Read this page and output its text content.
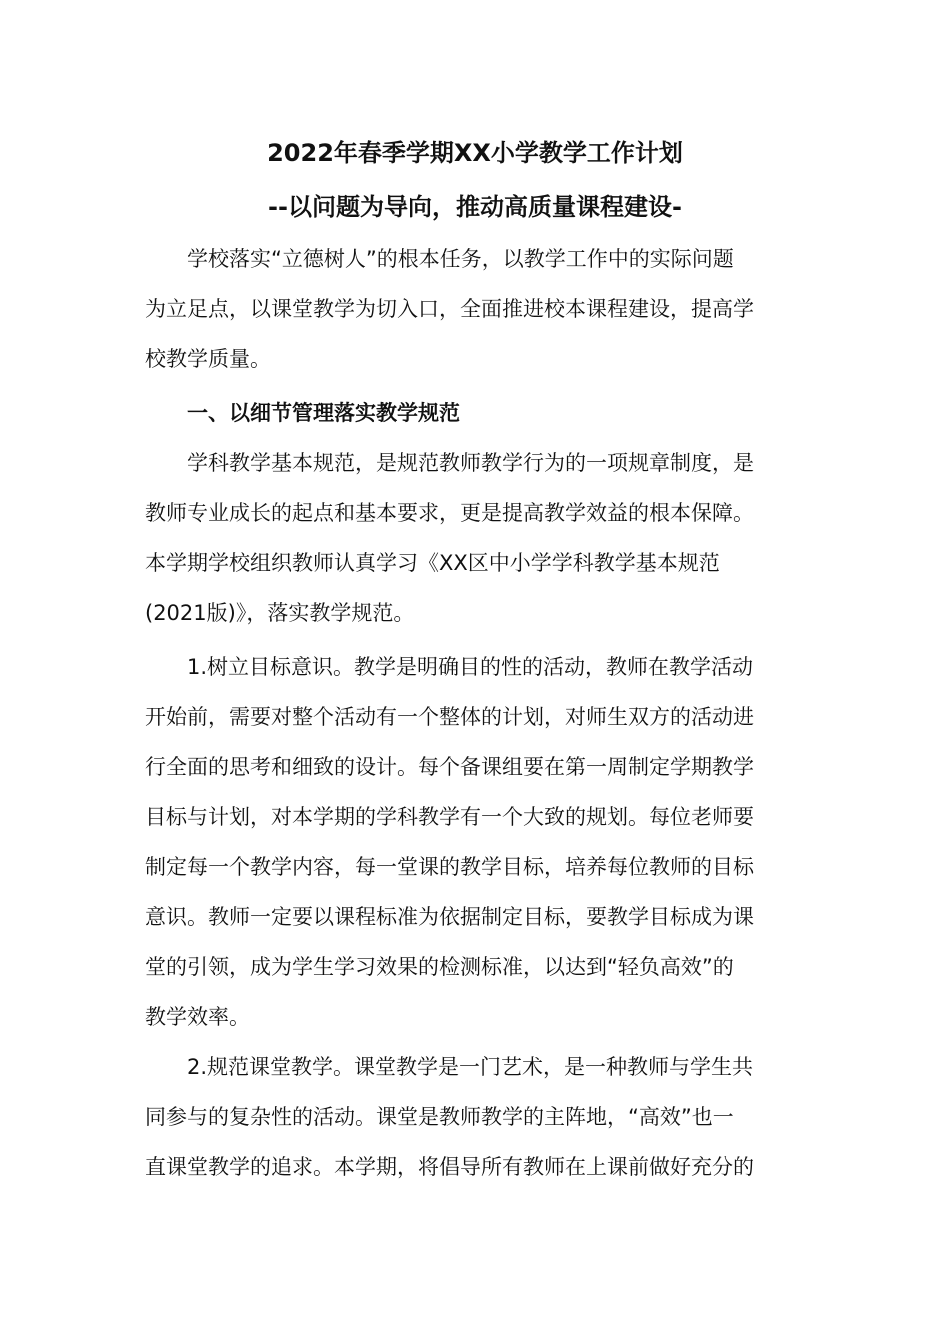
2022年春季学期XX小学教学工作计划
--以问题为导向，推动高质量课程建设-
学校落实“立德树人”的根本任务，以教学工作中的实际问题
为立足点，以课堂教学为切入口，全面推进校本课程建设，提高学
校教学质量。
一、以细节管理落实教学规范
学科教学基本规范，是规范教师教学行为的一项规章制度，是
教师专业成长的起点和基本要求，更是提高教学效益的根本保障。
本学期学校组织教师认真学习《XX区中小学学科教学基本规范
(2021版)》，落实教学规范。
1.树立目标意识。教学是明确目的性的活动，教师在教学活动
开始前，需要对整个活动有一个整体的计划，对师生双方的活动进
行全面的思考和细致的设计。每个备课组要在第一周制定学期教学
目标与计划，对本学期的学科教学有一个大致的规划。每位老师要
制定每一个教学内容，每一堂课的教学目标，培养每位教师的目标
意识。教师一定要以课程标准为依据制定目标，要教学目标成为课
堂的引领，成为学生学习效果的检测标准，以达到“轻负高效”的
教学效率。
2.规范课堂教学。课堂教学是一门艺术，是一种教师与学生共
同参与的复杂性的活动。课堂是教师教学的主阵地，“高效”也一
直课堂教学的追求。本学期，将倡导所有教师在上课前做好充分的
